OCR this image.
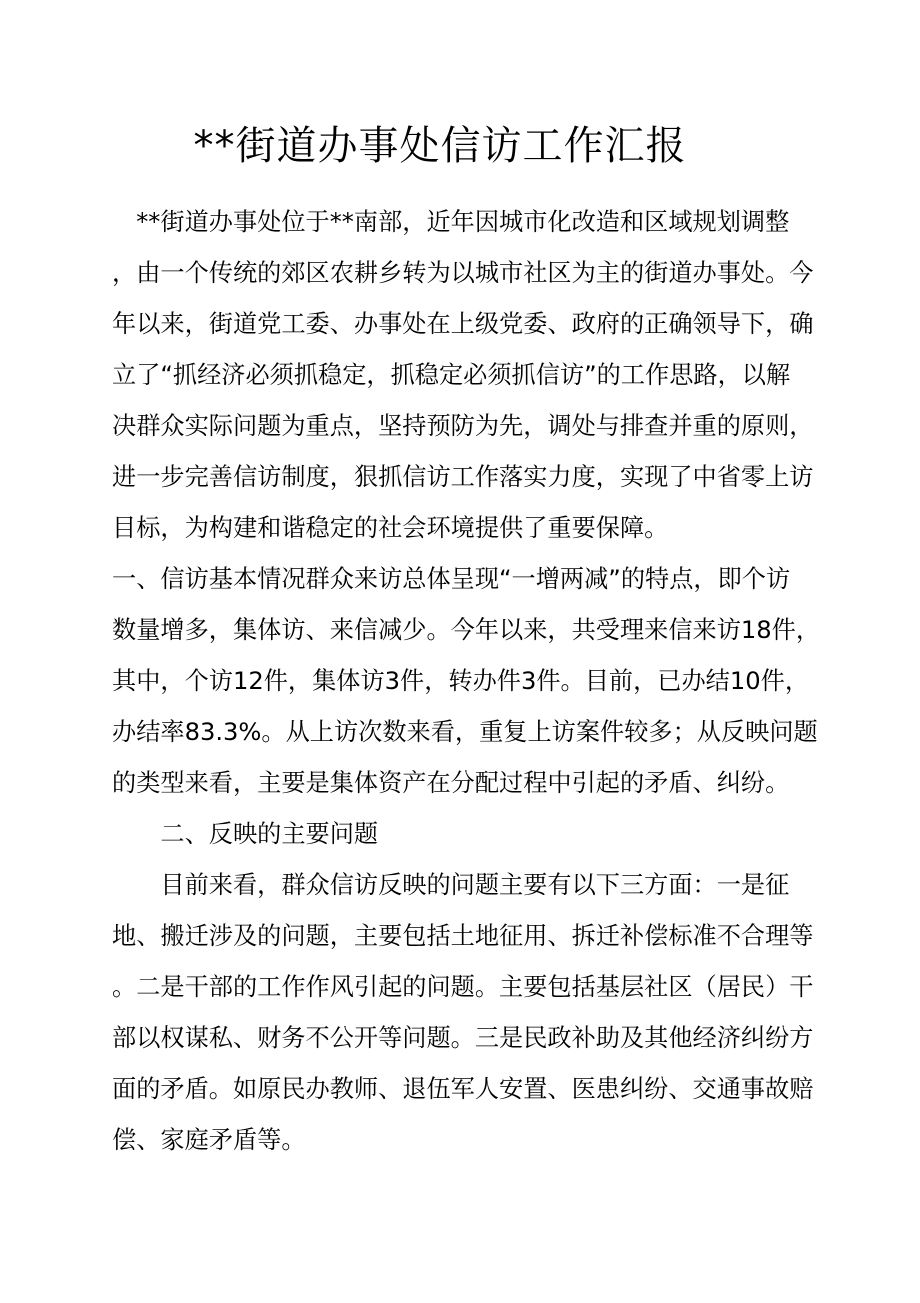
**街道办事处信访工作汇报
　**街道办事处位于**南部，近年因城市化改造和区域规划调整
，由一个传统的郊区农耕乡转为以城市社区为主的街道办事处。今
年以来，街道党工委、办事处在上级党委、政府的正确领导下，确
立了“抓经济必须抓稳定，抓稳定必须抓信访”的工作思路，以解
决群众实际问题为重点，坚持预防为先，调处与排查并重的原则，
进一步完善信访制度，狠抓信访工作落实力度，实现了中省零上访
目标，为构建和谐稳定的社会环境提供了重要保障。
一、信访基本情况群众来访总体呈现“一增两减”的特点，即个访
数量增多，集体访、来信减少。今年以来，共受理来信来访18件，
其中，个访12件，集体访3件，转办件3件。目前，已办结10件，
办结率83.3%。从上访次数来看，重复上访案件较多；从反映问题
的类型来看，主要是集体资产在分配过程中引起的矛盾、纠纷。
　　二、反映的主要问题
　　目前来看，群众信访反映的问题主要有以下三方面：一是征
地、搬迁涉及的问题，主要包括土地征用、拆迁补偿标准不合理等
。二是干部的工作作风引起的问题。主要包括基层社区（居民）干
部以权谋私、财务不公开等问题。三是民政补助及其他经济纠纷方
面的矛盾。如原民办教师、退伍军人安置、医患纠纷、交通事故赔
偿、家庭矛盾等。
